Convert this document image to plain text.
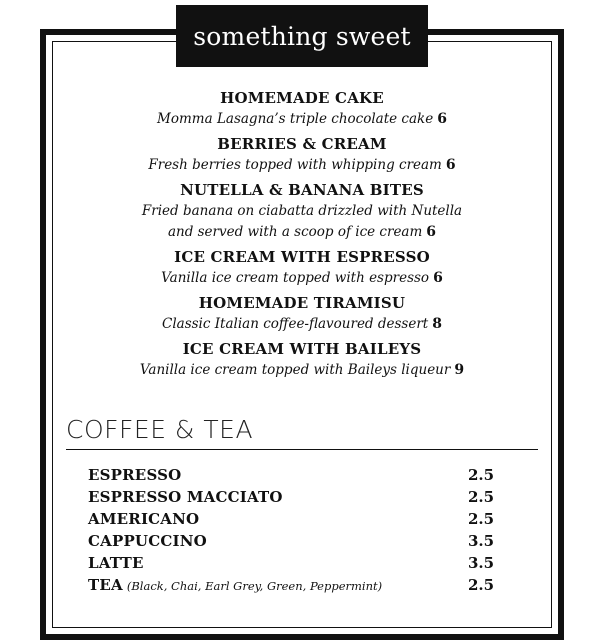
something sweet
HOMEMADE CAKE
Momma Lasagna’s triple chocolate cake 6
BERRIES & CREAM
Fresh berries topped with whipping cream 6
NUTELLA & BANANA BITES
Fried banana on ciabatta drizzled with Nutella
and served with a scoop of ice cream 6
ICE CREAM WITH ESPRESSO
Vanilla ice cream topped with espresso 6
HOMEMADE TIRAMISU
Classic Italian coffee-flavoured dessert 8
ICE CREAM WITH BAILEYS
Vanilla ice cream topped with Baileys liqueur 9
COFFEE & TEA
ESPRESSO	2.5
ESPRESSO MACCIATO	2.5
AMERICANO	2.5
CAPPUCCINO	3.5
LATTE	3.5
TEA (Black, Chai, Earl Grey, Green, Peppermint)	2.5
